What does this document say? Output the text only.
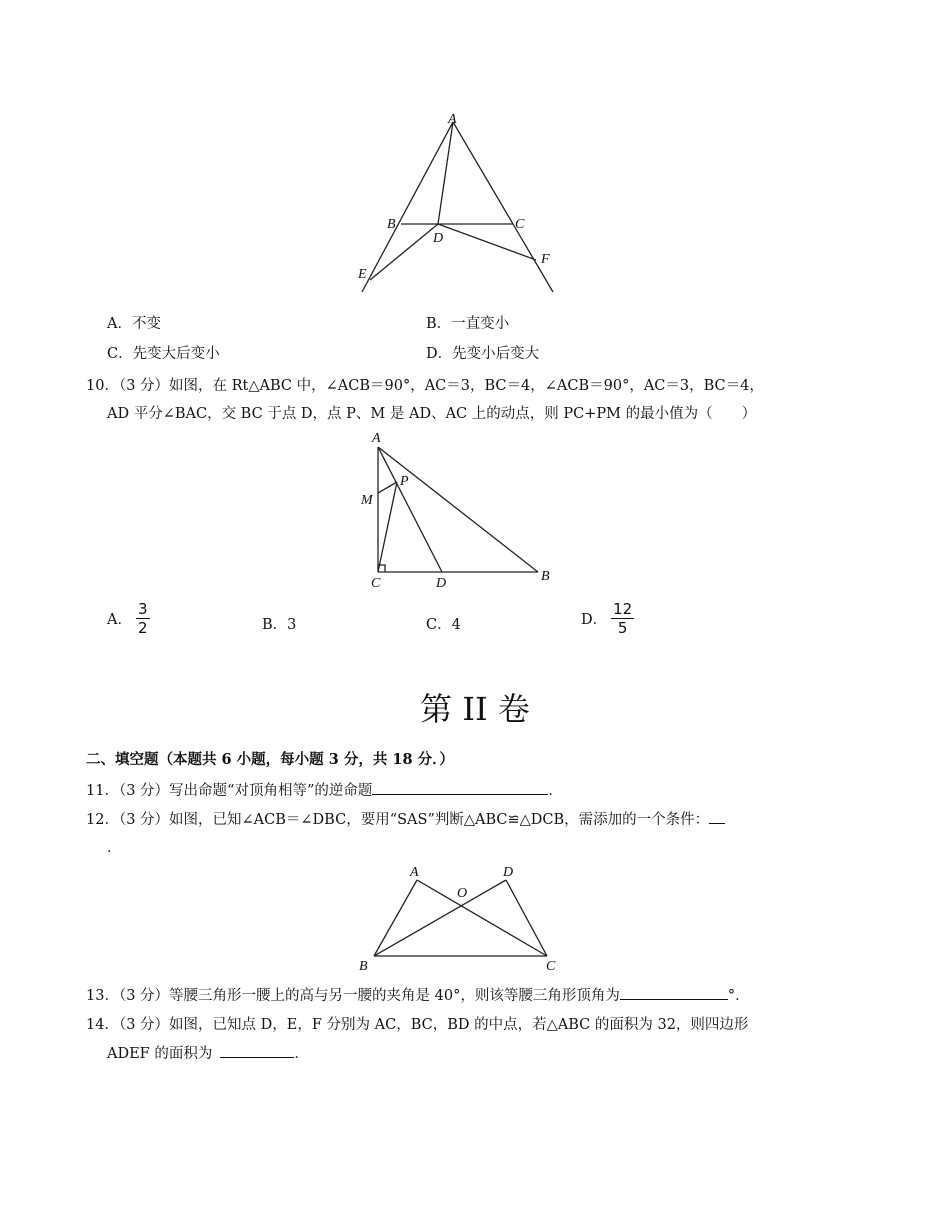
A
B	C
D
E
F
A．不变	B．一直变小
C．先变大后变小	D．先变小后变大
10．（3 分）如图，在 Rt△ABC 中，∠ACB＝90°，AC＝3，BC＝4，∠ACB＝90°，AC＝3，BC＝4，
AD 平分∠BAC，交 BC 于点 D，点 P、M 是 AD、AC 上的动点，则 PC+PM 的最小值为（　　）
A
P
M
C	D	B
A． $\frac{3}{2}$	B．3	C．4	D． $\frac{12}{5}$
第 II 卷
二、填空题（本题共 6 小题，每小题 3 分，共 18 分．）
11．（3 分）写出命题“对顶角相等”的逆命题	．
12．（3 分）如图，已知∠ACB＝∠DBC，要用“SAS”判断△ABC≌△DCB，需添加的一个条件：
．
A	D
O
B	C
13．（3 分）等腰三角形一腰上的高与另一腰的夹角是 40°，则该等腰三角形顶角为	°．
14．（3 分）如图，已知点 D，E，F 分别为 AC，BC，BD 的中点，若△ABC 的面积为 32，则四边形
ADEF 的面积为	．
